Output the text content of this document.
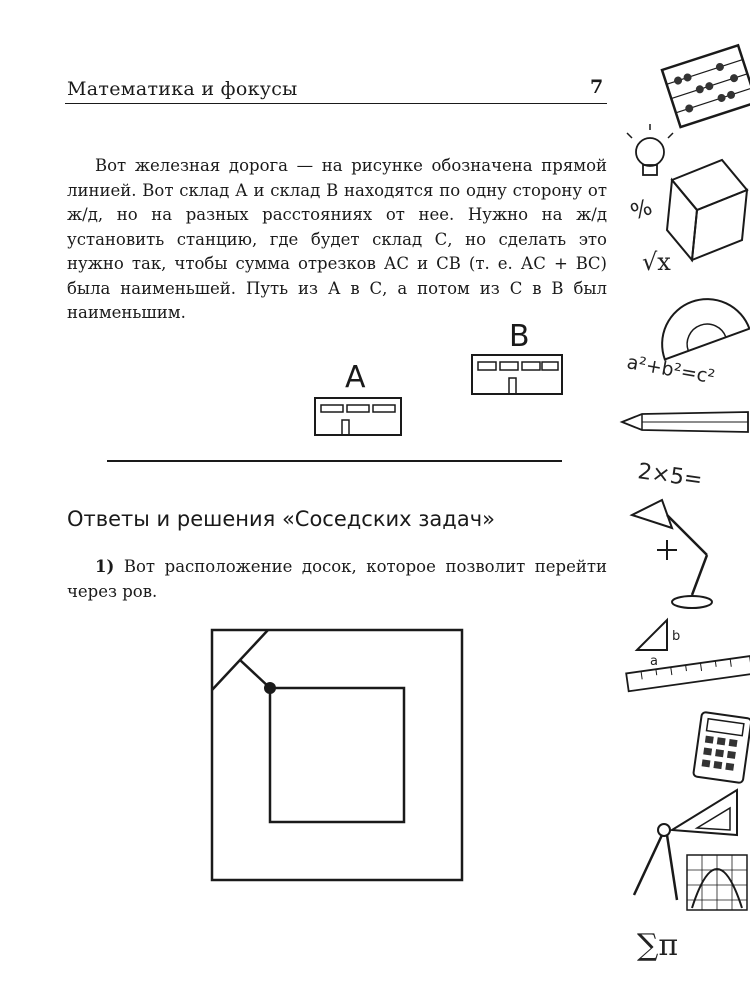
Математика и фокусы	7
Вот железная дорога — на рисунке обозначена прямой линией. Вот склад А и склад В находятся по одну сторону от ж/д, но на разных расстояниях от нее. Нужно на ж/д установить станцию, где будет склад С, но сделать это нужно так, чтобы сумма отрезков АС и СВ (т. е. АС + ВС) была наименьшей. Путь из А в С, а потом из С в В был наименьшим.
A
B
Ответы и решения «Соседских задач»
1) Вот расположение досок, которое позволит перейти через ров.
%
√x
a²+b²=c²
2×5=
b
a
∑π
